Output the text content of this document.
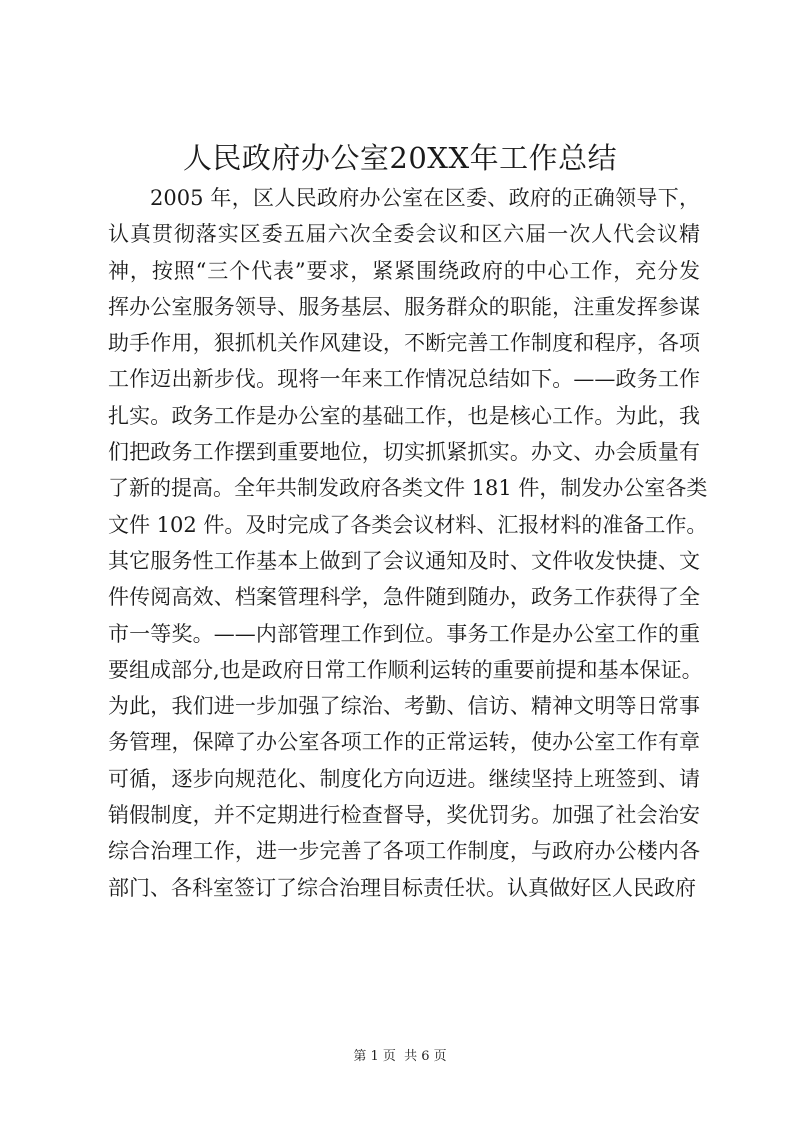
人民政府办公室20XX年工作总结
2005 年，区人民政府办公室在区委、政府的正确领导下，
认真贯彻落实区委五届六次全委会议和区六届一次人代会议精
神，按照“三个代表”要求，紧紧围绕政府的中心工作，充分发
挥办公室服务领导、服务基层、服务群众的职能，注重发挥参谋
助手作用，狠抓机关作风建设，不断完善工作制度和程序，各项
工作迈出新步伐。现将一年来工作情况总结如下。——政务工作
扎实。政务工作是办公室的基础工作，也是核心工作。为此，我
们把政务工作摆到重要地位，切实抓紧抓实。办文、办会质量有
了新的提高。全年共制发政府各类文件 181 件，制发办公室各类
文件 102 件。及时完成了各类会议材料、汇报材料的准备工作。
其它服务性工作基本上做到了会议通知及时、文件收发快捷、文
件传阅高效、档案管理科学，急件随到随办，政务工作获得了全
市一等奖。——内部管理工作到位。事务工作是办公室工作的重
要组成部分,也是政府日常工作顺利运转的重要前提和基本保证。
为此，我们进一步加强了综治、考勤、信访、精神文明等日常事
务管理，保障了办公室各项工作的正常运转，使办公室工作有章
可循，逐步向规范化、制度化方向迈进。继续坚持上班签到、请
销假制度，并不定期进行检查督导，奖优罚劣。加强了社会治安
综合治理工作，进一步完善了各项工作制度，与政府办公楼内各
部门、各科室签订了综合治理目标责任状。认真做好区人民政府
第 1 页 共 6 页
